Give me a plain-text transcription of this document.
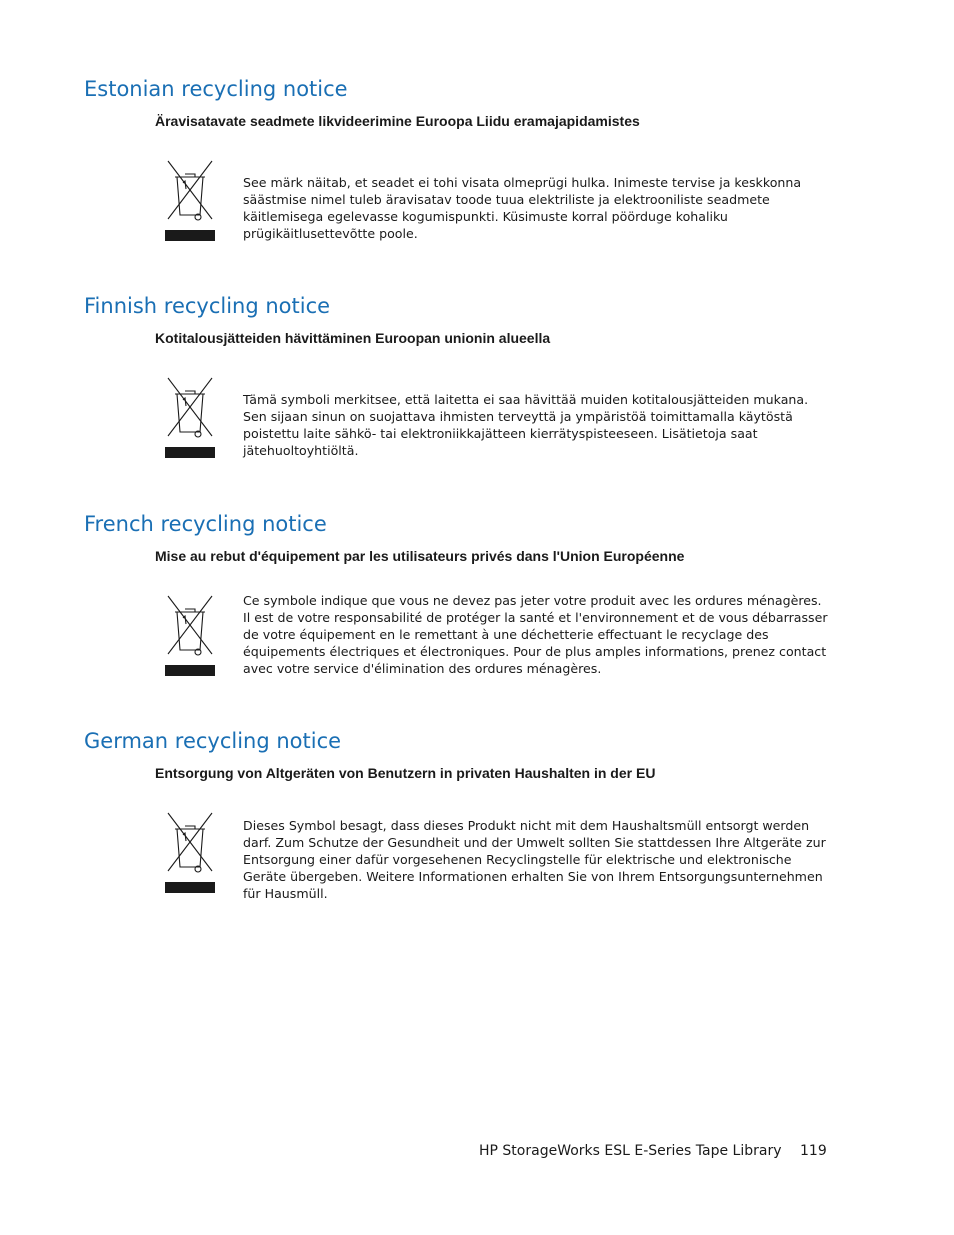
Estonian recycling notice
Äravisatavate seadmete likvideerimine Euroopa Liidu eramajapidamistes

See märk näitab, et seadet ei tohi visata olmeprügi hulka. Inimeste tervise ja keskkonna säästmise nimel tuleb äravisatav toode tuua elektriliste ja elektrooniliste seadmete käitlemisega egelevasse kogumispunkti. Küsimuste korral pöörduge kohaliku prügikäitlusettevõtte poole.

Finnish recycling notice
Kotitalousjätteiden hävittäminen Euroopan unionin alueella

Tämä symboli merkitsee, että laitetta ei saa hävittää muiden kotitalousjätteiden mukana. Sen sijaan sinun on suojattava ihmisten terveyttä ja ympäristöä toimittamalla käytöstä poistettu laite sähkö- tai elektroniikkajätteen kierrätyspisteeseen. Lisätietoja saat jätehuoltoyhtiöltä.

French recycling notice
Mise au rebut d'équipement par les utilisateurs privés dans l'Union Européenne

Ce symbole indique que vous ne devez pas jeter votre produit avec les ordures ménagères. Il est de votre responsabilité de protéger la santé et l'environnement et de vous débarrasser de votre équipement en le remettant à une déchetterie effectuant le recyclage des équipements électriques et électroniques. Pour de plus amples informations, prenez contact avec votre service d'élimination des ordures ménagères.

German recycling notice
Entsorgung von Altgeräten von Benutzern in privaten Haushalten in der EU

Dieses Symbol besagt, dass dieses Produkt nicht mit dem Haushaltsmüll entsorgt werden darf. Zum Schutze der Gesundheit und der Umwelt sollten Sie stattdessen Ihre Altgeräte zur Entsorgung einer dafür vorgesehenen Recyclingstelle für elektrische und elektronische Geräte übergeben. Weitere Informationen erhalten Sie von Ihrem Entsorgungsunternehmen für Hausmüll.

HP StorageWorks ESL E-Series Tape Library 119
